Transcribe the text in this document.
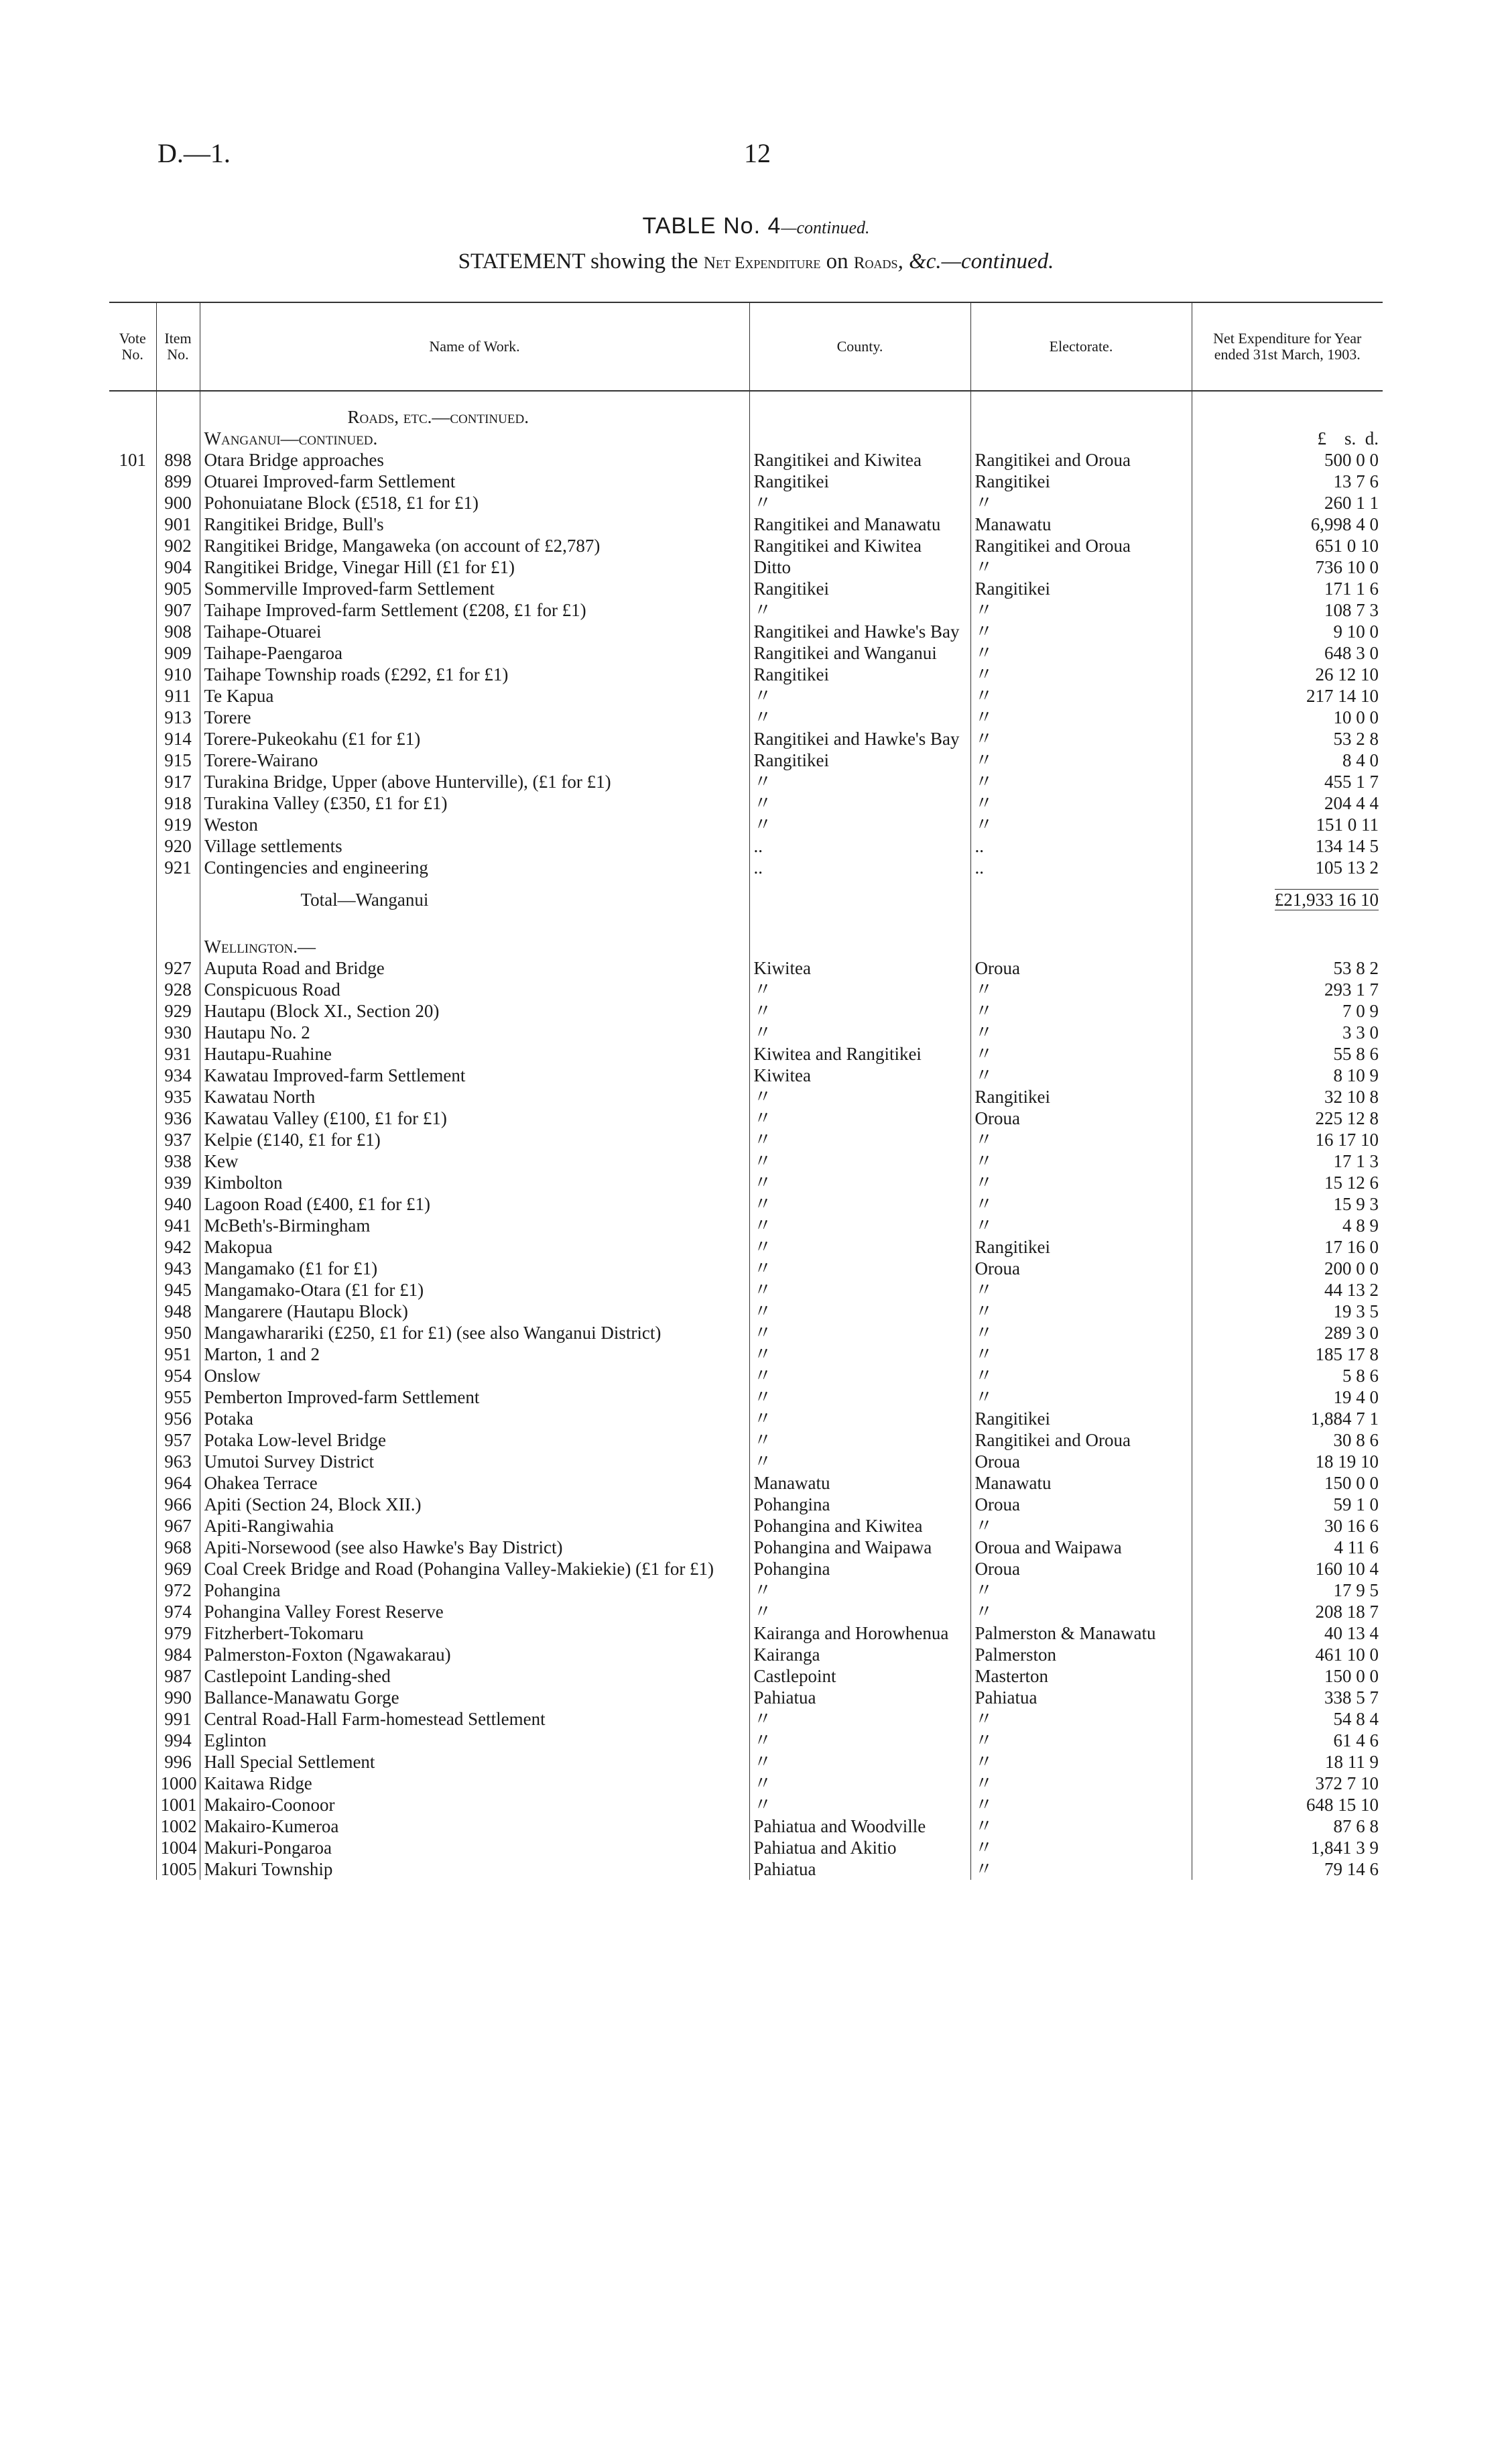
D.—1.	12
TABLE No. 4—continued.
STATEMENT showing the Net Expenditure on Roads, &c.—continued.
Vote No.	Item No.	Name of Work.	County.	Electorate.	Net Expenditure for Year ended 31st March, 1903.

		Roads, etc.—continued.			
		Wanganui—continued.			£ s. d.
101	898	Otara Bridge approaches	Rangitikei and Kiwitea	Rangitikei and Oroua	500 0 0
	899	Otuarei Improved-farm Settlement	Rangitikei	Rangitikei	13 7 6
	900	Pohonuiatane Block (£518, £1 for £1)	〃	〃	260 1 1
	901	Rangitikei Bridge, Bull's	Rangitikei and Manawatu	Manawatu	6,998 4 0
	902	Rangitikei Bridge, Mangaweka (on account of £2,787)	Rangitikei and Kiwitea	Rangitikei and Oroua	651 0 10
	904	Rangitikei Bridge, Vinegar Hill (£1 for £1)	Ditto	〃	736 10 0
	905	Sommerville Improved-farm Settlement	Rangitikei	Rangitikei	171 1 6
	907	Taihape Improved-farm Settlement (£208, £1 for £1)	〃	〃	108 7 3
	908	Taihape-Otuarei	Rangitikei and Hawke's Bay	〃	9 10 0
	909	Taihape-Paengaroa	Rangitikei and Wanganui	〃	648 3 0
	910	Taihape Township roads (£292, £1 for £1)	Rangitikei	〃	26 12 10
	911	Te Kapua	〃	〃	217 14 10
	913	Torere	〃	〃	10 0 0
	914	Torere-Pukeokahu (£1 for £1)	Rangitikei and Hawke's Bay	〃	53 2 8
	915	Torere-Wairano	Rangitikei	〃	8 4 0
	917	Turakina Bridge, Upper (above Hunterville), (£1 for £1)	〃	〃	455 1 7
	918	Turakina Valley (£350, £1 for £1)	〃	〃	204 4 4
	919	Weston	〃	〃	151 0 11
	920	Village settlements	..	..	134 14 5
	921	Contingencies and engineering	..	..	105 13 2

		Total—Wanganui			£21,933 16 10

		Wellington.—			
	927	Auputa Road and Bridge	Kiwitea	Oroua	53 8 2
	928	Conspicuous Road	〃	〃	293 1 7
	929	Hautapu (Block XI., Section 20)	〃	〃	7 0 9
	930	Hautapu No. 2	〃	〃	3 3 0
	931	Hautapu-Ruahine	Kiwitea and Rangitikei	〃	55 8 6
	934	Kawatau Improved-farm Settlement	Kiwitea	〃	8 10 9
	935	Kawatau North	〃	Rangitikei	32 10 8
	936	Kawatau Valley (£100, £1 for £1)	〃	Oroua	225 12 8
	937	Kelpie (£140, £1 for £1)	〃	〃	16 17 10
	938	Kew	〃	〃	17 1 3
	939	Kimbolton	〃	〃	15 12 6
	940	Lagoon Road (£400, £1 for £1)	〃	〃	15 9 3
	941	McBeth's-Birmingham	〃	〃	4 8 9
	942	Makopua	〃	Rangitikei	17 16 0
	943	Mangamako (£1 for £1)	〃	Oroua	200 0 0
	945	Mangamako-Otara (£1 for £1)	〃	〃	44 13 2
	948	Mangarere (Hautapu Block)	〃	〃	19 3 5
	950	Mangawharariki (£250, £1 for £1) (see also Wanganui District)	〃	〃	289 3 0
	951	Marton, 1 and 2	〃	〃	185 17 8
	954	Onslow	〃	〃	5 8 6
	955	Pemberton Improved-farm Settlement	〃	〃	19 4 0
	956	Potaka	〃	Rangitikei	1,884 7 1
	957	Potaka Low-level Bridge	〃	Rangitikei and Oroua	30 8 6
	963	Umutoi Survey District	〃	Oroua	18 19 10
	964	Ohakea Terrace	Manawatu	Manawatu	150 0 0
	966	Apiti (Section 24, Block XII.)	Pohangina	Oroua	59 1 0
	967	Apiti-Rangiwahia	Pohangina and Kiwitea	〃	30 16 6
	968	Apiti-Norsewood (see also Hawke's Bay District)	Pohangina and Waipawa	Oroua and Waipawa	4 11 6
	969	Coal Creek Bridge and Road (Pohangina Valley-Makiekie) (£1 for £1)	Pohangina	Oroua	160 10 4
	972	Pohangina	〃	〃	17 9 5
	974	Pohangina Valley Forest Reserve	〃	〃	208 18 7
	979	Fitzherbert-Tokomaru	Kairanga and Horowhenua	Palmerston & Manawatu	40 13 4
	984	Palmerston-Foxton (Ngawakarau)	Kairanga	Palmerston	461 10 0
	987	Castlepoint Landing-shed	Castlepoint	Masterton	150 0 0
	990	Ballance-Manawatu Gorge	Pahiatua	Pahiatua	338 5 7
	991	Central Road-Hall Farm-homestead Settlement	〃	〃	54 8 4
	994	Eglinton	〃	〃	61 4 6
	996	Hall Special Settlement	〃	〃	18 11 9
	1000	Kaitawa Ridge	〃	〃	372 7 10
	1001	Makairo-Coonoor	〃	〃	648 15 10
	1002	Makairo-Kumeroa	Pahiatua and Woodville	〃	87 6 8
	1004	Makuri-Pongaroa	Pahiatua and Akitio	〃	1,841 3 9
	1005	Makuri Township	Pahiatua	〃	79 14 6
